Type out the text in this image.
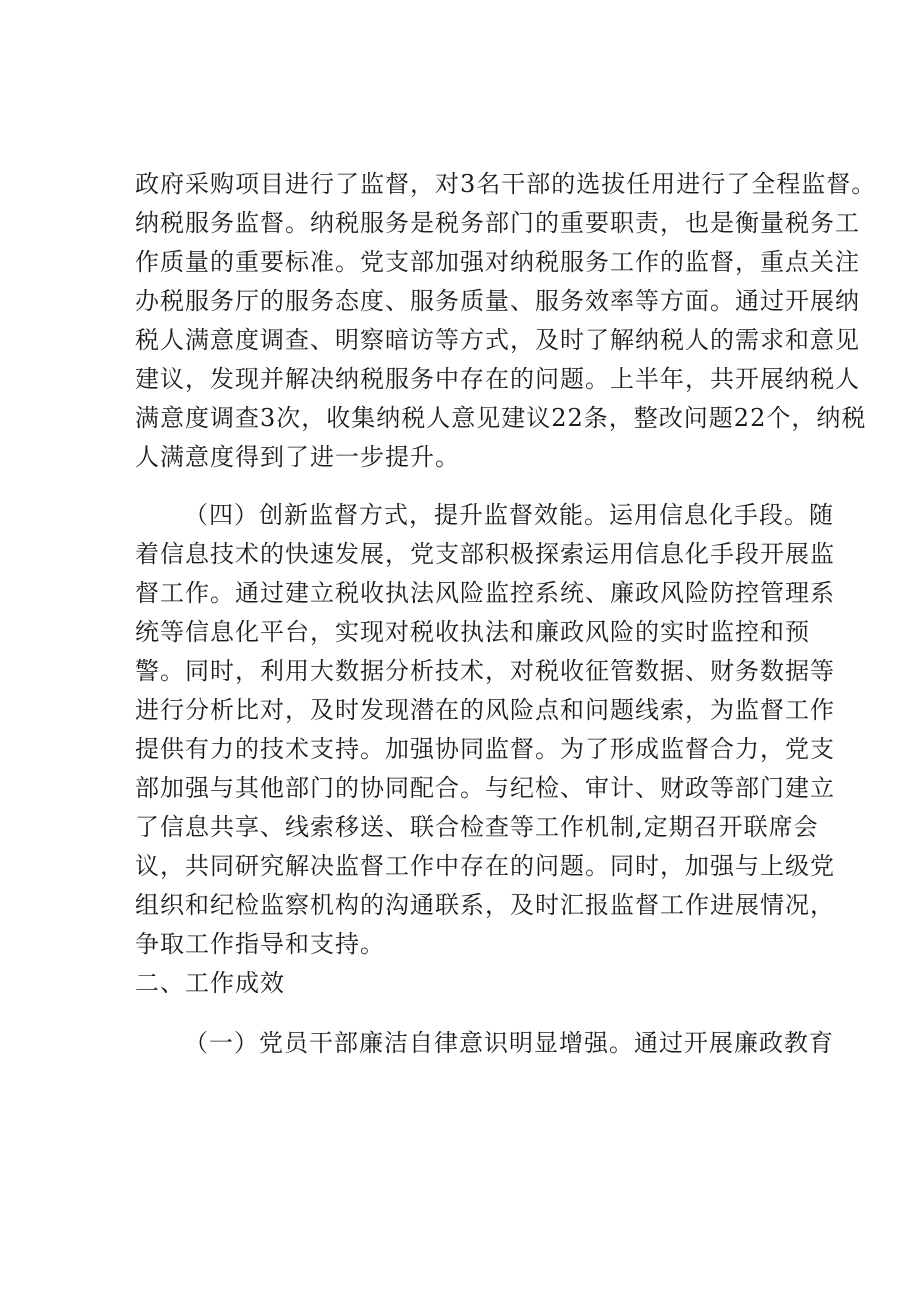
政府采购项目进行了监督，对3名干部的选拔任用进行了全程监督。
纳税服务监督。纳税服务是税务部门的重要职责，也是衡量税务工
作质量的重要标准。党支部加强对纳税服务工作的监督，重点关注
办税服务厅的服务态度、服务质量、服务效率等方面。通过开展纳
税人满意度调查、明察暗访等方式，及时了解纳税人的需求和意见
建议，发现并解决纳税服务中存在的问题。上半年，共开展纳税人
满意度调查3次，收集纳税人意见建议22条，整改问题22个，纳税
人满意度得到了进一步提升。
（四）创新监督方式，提升监督效能。运用信息化手段。随
着信息技术的快速发展，党支部积极探索运用信息化手段开展监
督工作。通过建立税收执法风险监控系统、廉政风险防控管理系
统等信息化平台，实现对税收执法和廉政风险的实时监控和预
警。同时，利用大数据分析技术，对税收征管数据、财务数据等
进行分析比对，及时发现潜在的风险点和问题线索，为监督工作
提供有力的技术支持。加强协同监督。为了形成监督合力，党支
部加强与其他部门的协同配合。与纪检、审计、财政等部门建立
了信息共享、线索移送、联合检查等工作机制,定期召开联席会
议，共同研究解决监督工作中存在的问题。同时，加强与上级党
组织和纪检监察机构的沟通联系，及时汇报监督工作进展情况，
争取工作指导和支持。
二、工作成效
（一）党员干部廉洁自律意识明显增强。通过开展廉政教育
